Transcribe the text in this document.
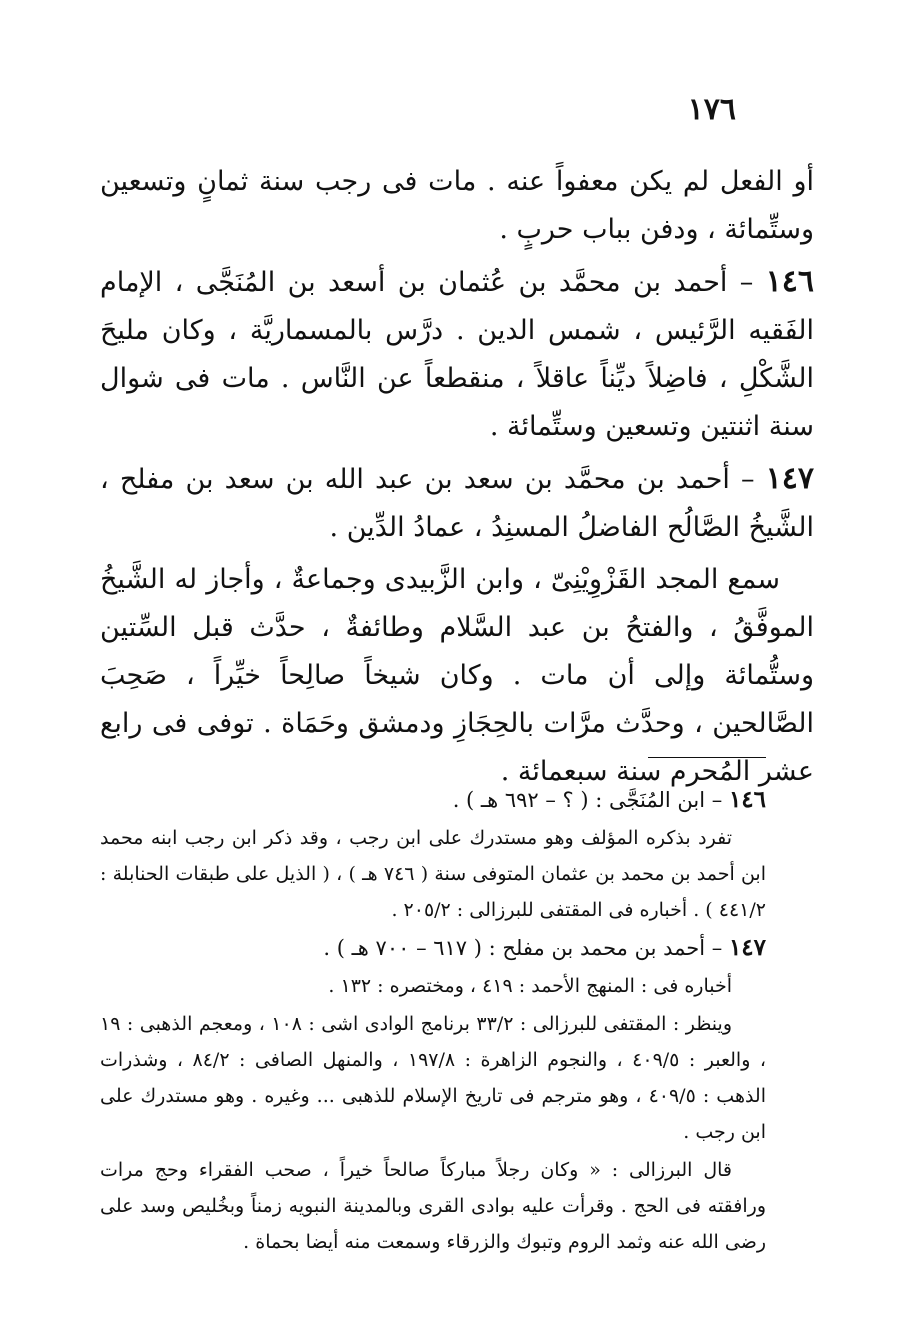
١٧٦

أو الفعل لم يكن معفواً عنه . مات فى رجب سنة ثمانٍ وتسعين وستِّمائة ، ودفن بباب حربٍ .

١٤٦ – أحمد بن محمَّد بن عُثمان بن أسعد بن المُنَجَّى ، الإمام الفَقيه الرَّئيس ، شمس الدين . درَّس بالمسماريَّة ، وكان مليحَ الشَّكْلِ ، فاضِلاً ديِّناً عاقلاً ، منقطعاً عن النَّاس . مات فى شوال سنة اثنتين وتسعين وستِّمائة .

١٤٧ – أحمد بن محمَّد بن سعد بن عبد الله بن سعد بن مفلح ، الشَّيخُ الصَّالُح الفاضلُ المسنِدُ ، عمادُ الدِّين .

سمع المجد القَزْوِيْنِىّ ، وابن الزَّبيدى وجماعةٌ ، وأجاز له الشَّيخُ الموفَّقُ ، والفتحُ بن عبد السَّلام وطائفةٌ ، حدَّث قبل السِّتين وستُّمائة وإلى أن مات . وكان شيخاً صالِحاً خيِّراً ، صَحِبَ الصَّالحين ، وحدَّث مرَّات بالحِجَازِ ودمشق وحَمَاة . توفى فى رابع عشر المُحرم سنة سبعمائة .

١٤٦ – ابن المُنَجَّى : ( ؟ – ٦٩٢ هـ ) .

تفرد بذكره المؤلف وهو مستدرك على ابن رجب ، وقد ذكر ابن رجب ابنه محمد ابن أحمد بن محمد بن عثمان المتوفى سنة ( ٧٤٦ هـ ) ، ( الذيل على طبقات الحنابلة : ٤٤١/٢ ) . أخباره فى المقتفى للبرزالى : ٢٠٥/٢ .

١٤٧ – أحمد بن محمد بن مفلح : ( ٦١٧ – ٧٠٠ هـ ) .

أخباره فى : المنهج الأحمد : ٤١٩ ، ومختصره : ١٣٢ .

وينظر : المقتفى للبرزالى : ٣٣/٢ برنامج الوادى اشى : ١٠٨ ، ومعجم الذهبى : ١٩ ، والعبر : ٤٠٩/٥ ، والنجوم الزاهرة : ١٩٧/٨ ، والمنهل الصافى : ٨٤/٢ ، وشذرات الذهب : ٤٠٩/٥ ، وهو مترجم فى تاريخ الإسلام للذهبى ... وغيره . وهو مستدرك على ابن رجب .

قال البرزالى : « وكان رجلاً مباركاً صالحاً خيراً ، صحب الفقراء وحج مرات ورافقته فى الحج . وقرأت عليه بوادى القرى وبالمدينة النبويه زمناً وبخُليص وسد على رضى الله عنه وثمد الروم وتبوك والزرقاء وسمعت منه أيضا بحماة .
